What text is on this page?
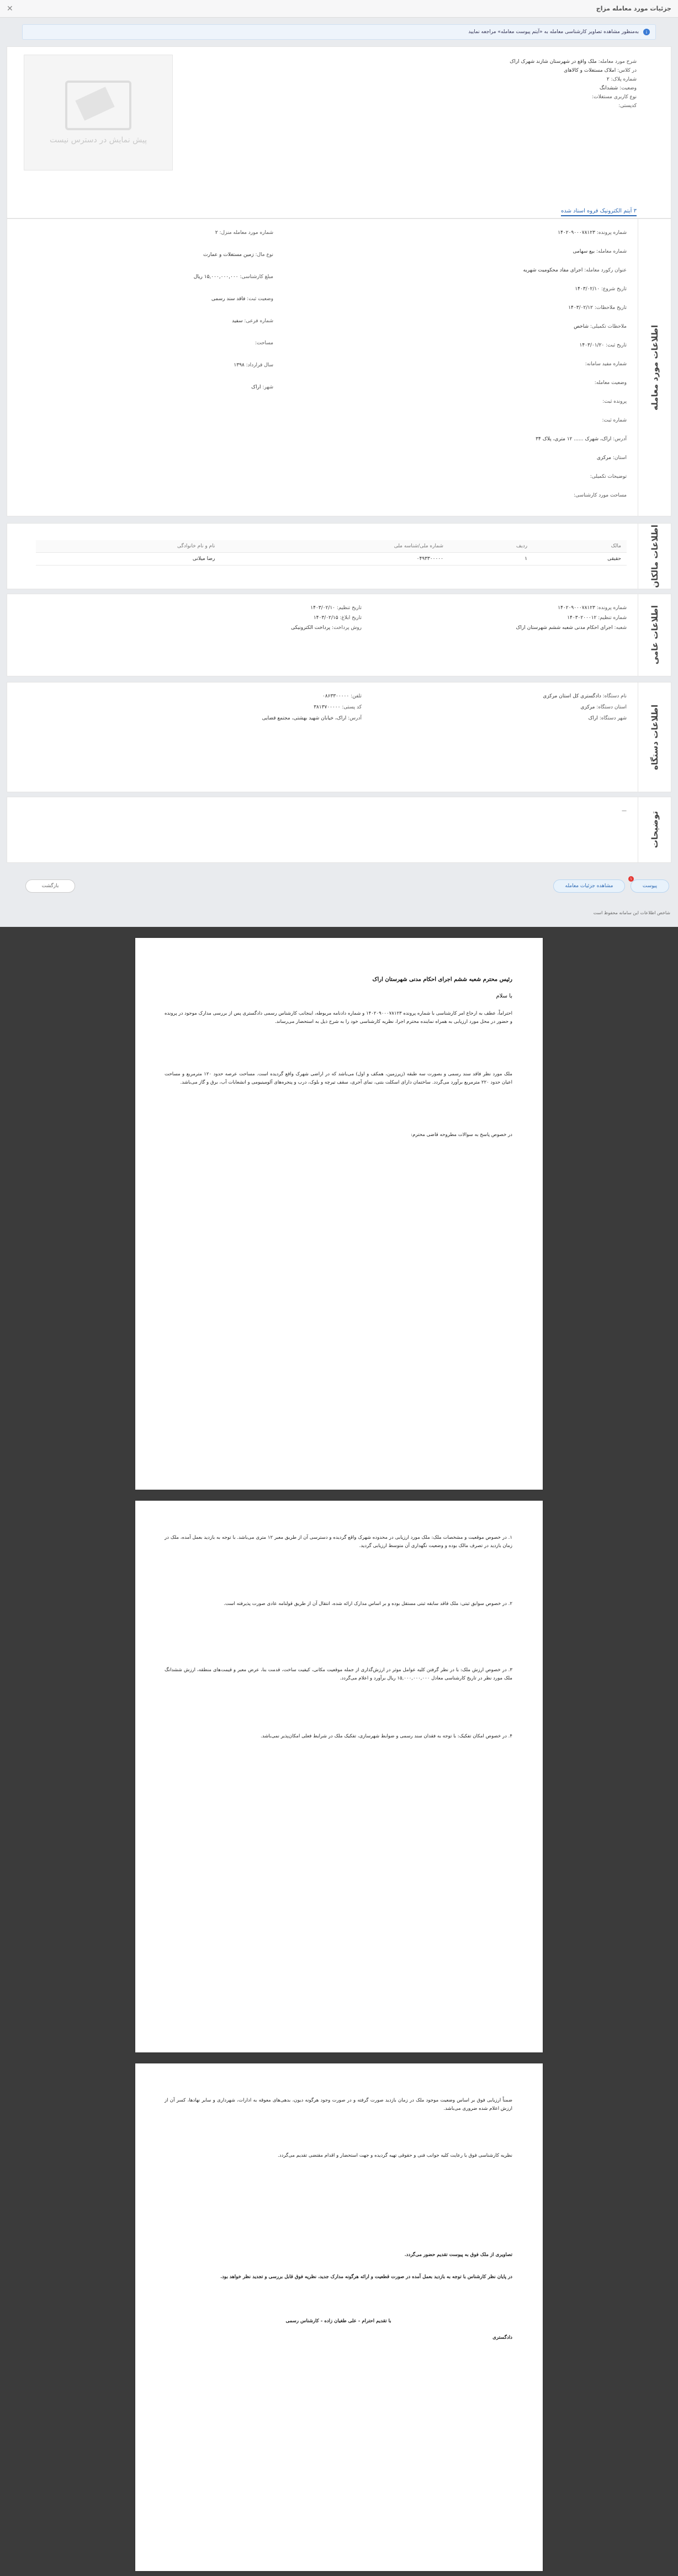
جزئیات مورد معامله مزاج
✕
i
به‌منظور مشاهده تصاویر کارشناسی معامله به «آیتم پیوست معامله» مراجعه نمایید
پیش نمایش در دسترس نیست
شرح مورد معامله: ملک واقع در شهرستان شازند شهرک اراک
در کلاس: املاک مستغلات و کالاهای
شماره پلاک: ۲
وضعیت: ششدانگ
نوع کاربری مستغلات:
کدپستی:
۳ آیتم الکترونیک فروه اسناد شده
اطلاعات مورد معامله
شماره پرونده: ۱۴۰۲۰۹۰۰۰۷۸۱۲۳
شماره معامله: بیع سهامی
عنوان رکورد معامله: اجرای مفاد محکومیت شهریه
تاریخ شروع: ۱۴۰۳/۰۲/۱۰
تاریخ ملاحظات: ۱۴۰۳/۰۲/۱۲
ملاحظات تکمیلی: شاخص
تاریخ ثبت: ۱۴۰۳/۰۱/۲۰
شماره مفید سامانه:
وضعیت معامله:
پرونده ثبت:
شماره ثبت:
آدرس: اراک، شهرک ...... ۱۲ متری، پلاک ۳۴
استان: مرکزی
توضیحات تکمیلی:
مساحت مورد کارشناسی:
شماره مورد معامله منزل: ۲
نوع مال: زمین مستغلات و عمارت
مبلغ کارشناسی: ۱۵,۰۰۰,۰۰۰,۰۰۰ ریال
وضعیت ثبت: فاقد سند رسمی
شماره فرعی: سفید
مساحت:
سال قرارداد: ۱۳۹۸
شهر: اراک
اطلاعات مالکان
مالک	ردیف	شماره ملی/شناسه ملی	نام و نام خانوادگی
حقیقی	۱	۰۴۹۳۳۰۰۰۰۰	رضا میلانی
اطلاعات عامی
شماره پرونده: ۱۴۰۲۰۹۰۰۰۷۸۱۲۳
شماره تنظیم: ۱۴۰۳۰۲۰۰۰۱۲
شعبه: اجرای احکام مدنی شعبه ششم شهرستان اراک
تاریخ تنظیم: ۱۴۰۳/۰۲/۱۰
تاریخ ابلاغ: ۱۴۰۳/۰۲/۱۵
روش پرداخت: پرداخت الکترونیکی
اطلاعات دستگاه
نام دستگاه: دادگستری کل استان مرکزی
استان دستگاه: مرکزی
شهر دستگاه: اراک
تلفن: ۰۸۶۳۳۰۰۰۰۰
کد پستی: ۳۸۱۳۷۰۰۰۰۰
آدرس: اراک، خیابان شهید بهشتی، مجتمع قضایی
توضیحات
—
پیوست
۱
مشاهده جزئیات معامله
بازگشت
شاخص اطلاعات این سامانه محفوظ است
رئیس محترم شعبه ششم اجرای احکام مدنی شهرستان اراک
با سلام
احتراماً، عطف به ارجاع امر کارشناسی با شماره پرونده ۱۴۰۲۰۹۰۰۰۷۸۱۲۳ و شماره دادنامه مربوطه، اینجانب کارشناس رسمی دادگستری پس از بررسی مدارک موجود در پرونده و حضور در محل مورد ارزیابی به همراه نماینده محترم اجرا، نظریه کارشناسی خود را به شرح ذیل به استحضار می‌رساند.
ملک مورد نظر فاقد سند رسمی و بصورت سه طبقه (زیرزمین، همکف و اول) می‌باشد که در اراضی شهرک واقع گردیده است. مساحت عرصه حدود ۱۲۰ مترمربع و مساحت اعیان حدود ۲۲۰ مترمربع برآورد می‌گردد. ساختمان دارای اسکلت بتنی، نمای آجری، سقف تیرچه و بلوک، درب و پنجره‌های آلومینیومی و انشعابات آب، برق و گاز می‌باشد.
در خصوص پاسخ به سوالات مطروحه قاضی محترم:
۱. در خصوص موقعیت و مشخصات ملک: ملک مورد ارزیابی در محدوده شهرک واقع گردیده و دسترسی آن از طریق معبر ۱۲ متری می‌باشد. با توجه به بازدید بعمل آمده، ملک در زمان بازدید در تصرف مالک بوده و وضعیت نگهداری آن متوسط ارزیابی گردید.
۲. در خصوص سوابق ثبتی: ملک فاقد سابقه ثبتی مستقل بوده و بر اساس مدارک ارائه شده، انتقال آن از طریق قولنامه عادی صورت پذیرفته است.
۳. در خصوص ارزش ملک: با در نظر گرفتن کلیه عوامل موثر در ارزش‌گذاری از جمله موقعیت مکانی، کیفیت ساخت، قدمت بنا، عرض معبر و قیمت‌های منطقه، ارزش ششدانگ ملک مورد نظر در تاریخ کارشناسی معادل ۱۵,۰۰۰,۰۰۰,۰۰۰ ریال برآورد و اعلام می‌گردد.
۴. در خصوص امکان تفکیک: با توجه به فقدان سند رسمی و ضوابط شهرسازی، تفکیک ملک در شرایط فعلی امکان‌پذیر نمی‌باشد.
ضمناً ارزیابی فوق بر اساس وضعیت موجود ملک در زمان بازدید صورت گرفته و در صورت وجود هرگونه دیون، بدهی‌های معوقه به ادارات، شهرداری و سایر نهادها، کسر آن از ارزش اعلام شده ضروری می‌باشد.
نظریه کارشناسی فوق با رعایت کلیه جوانب فنی و حقوقی تهیه گردیده و جهت استحضار و اقدام مقتضی تقدیم می‌گردد.
تصاویری از ملک فوق به پیوست تقدیم حضور می‌گردد.
در پایان نظر کارشناس با توجه به بازدید بعمل آمده در صورت قطعیت و ارائه هرگونه مدارک جدید، نظریه فوق قابل بررسی و تجدید نظر خواهد بود.
با تقدیم احترام - علی طغیان زاده - کارشناس رسمی
دادگستری
